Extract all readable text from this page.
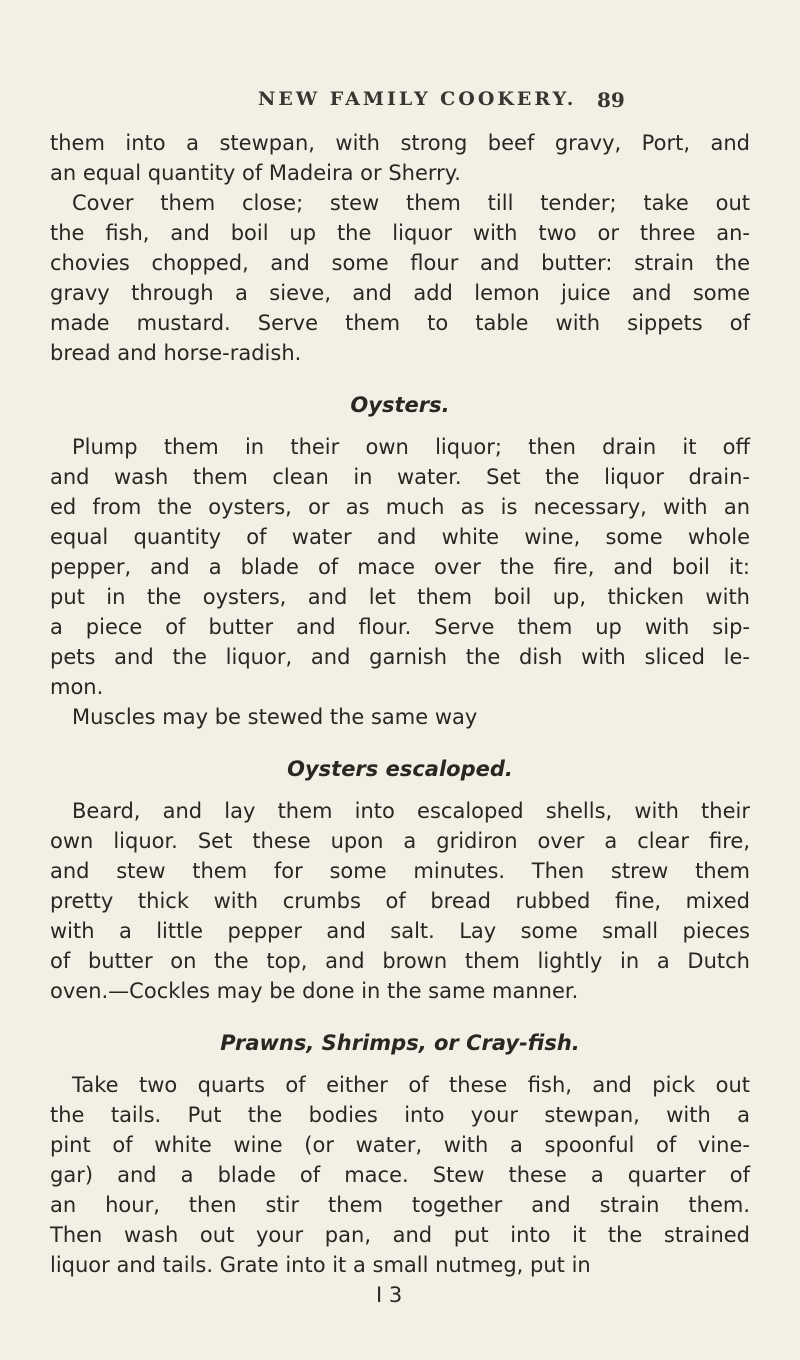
NEW FAMILY COOKERY. 89
them into a stewpan, with strong beef gravy, Port, and
an equal quantity of Madeira or Sherry.
Cover them close; stew them till tender; take out
the fish, and boil up the liquor with two or three an-
chovies chopped, and some flour and butter: strain the
gravy through a sieve, and add lemon juice and some
made mustard. Serve them to table with sippets of
bread and horse-radish.
Oysters.
Plump them in their own liquor; then drain it off
and wash them clean in water. Set the liquor drain-
ed from the oysters, or as much as is necessary, with an
equal quantity of water and white wine, some whole
pepper, and a blade of mace over the fire, and boil it:
put in the oysters, and let them boil up, thicken with
a piece of butter and flour. Serve them up with sip-
pets and the liquor, and garnish the dish with sliced le-
mon.
Muscles may be stewed the same way
Oysters escaloped.
Beard, and lay them into escaloped shells, with their
own liquor. Set these upon a gridiron over a clear fire,
and stew them for some minutes. Then strew them
pretty thick with crumbs of bread rubbed fine, mixed
with a little pepper and salt. Lay some small pieces
of butter on the top, and brown them lightly in a Dutch
oven.—Cockles may be done in the same manner.
Prawns, Shrimps, or Cray-fish.
Take two quarts of either of these fish, and pick out
the tails. Put the bodies into your stewpan, with a
pint of white wine (or water, with a spoonful of vine-
gar) and a blade of mace. Stew these a quarter of
an hour, then stir them together and strain them.
Then wash out your pan, and put into it the strained
liquor and tails. Grate into it a small nutmeg, put in
I 3
